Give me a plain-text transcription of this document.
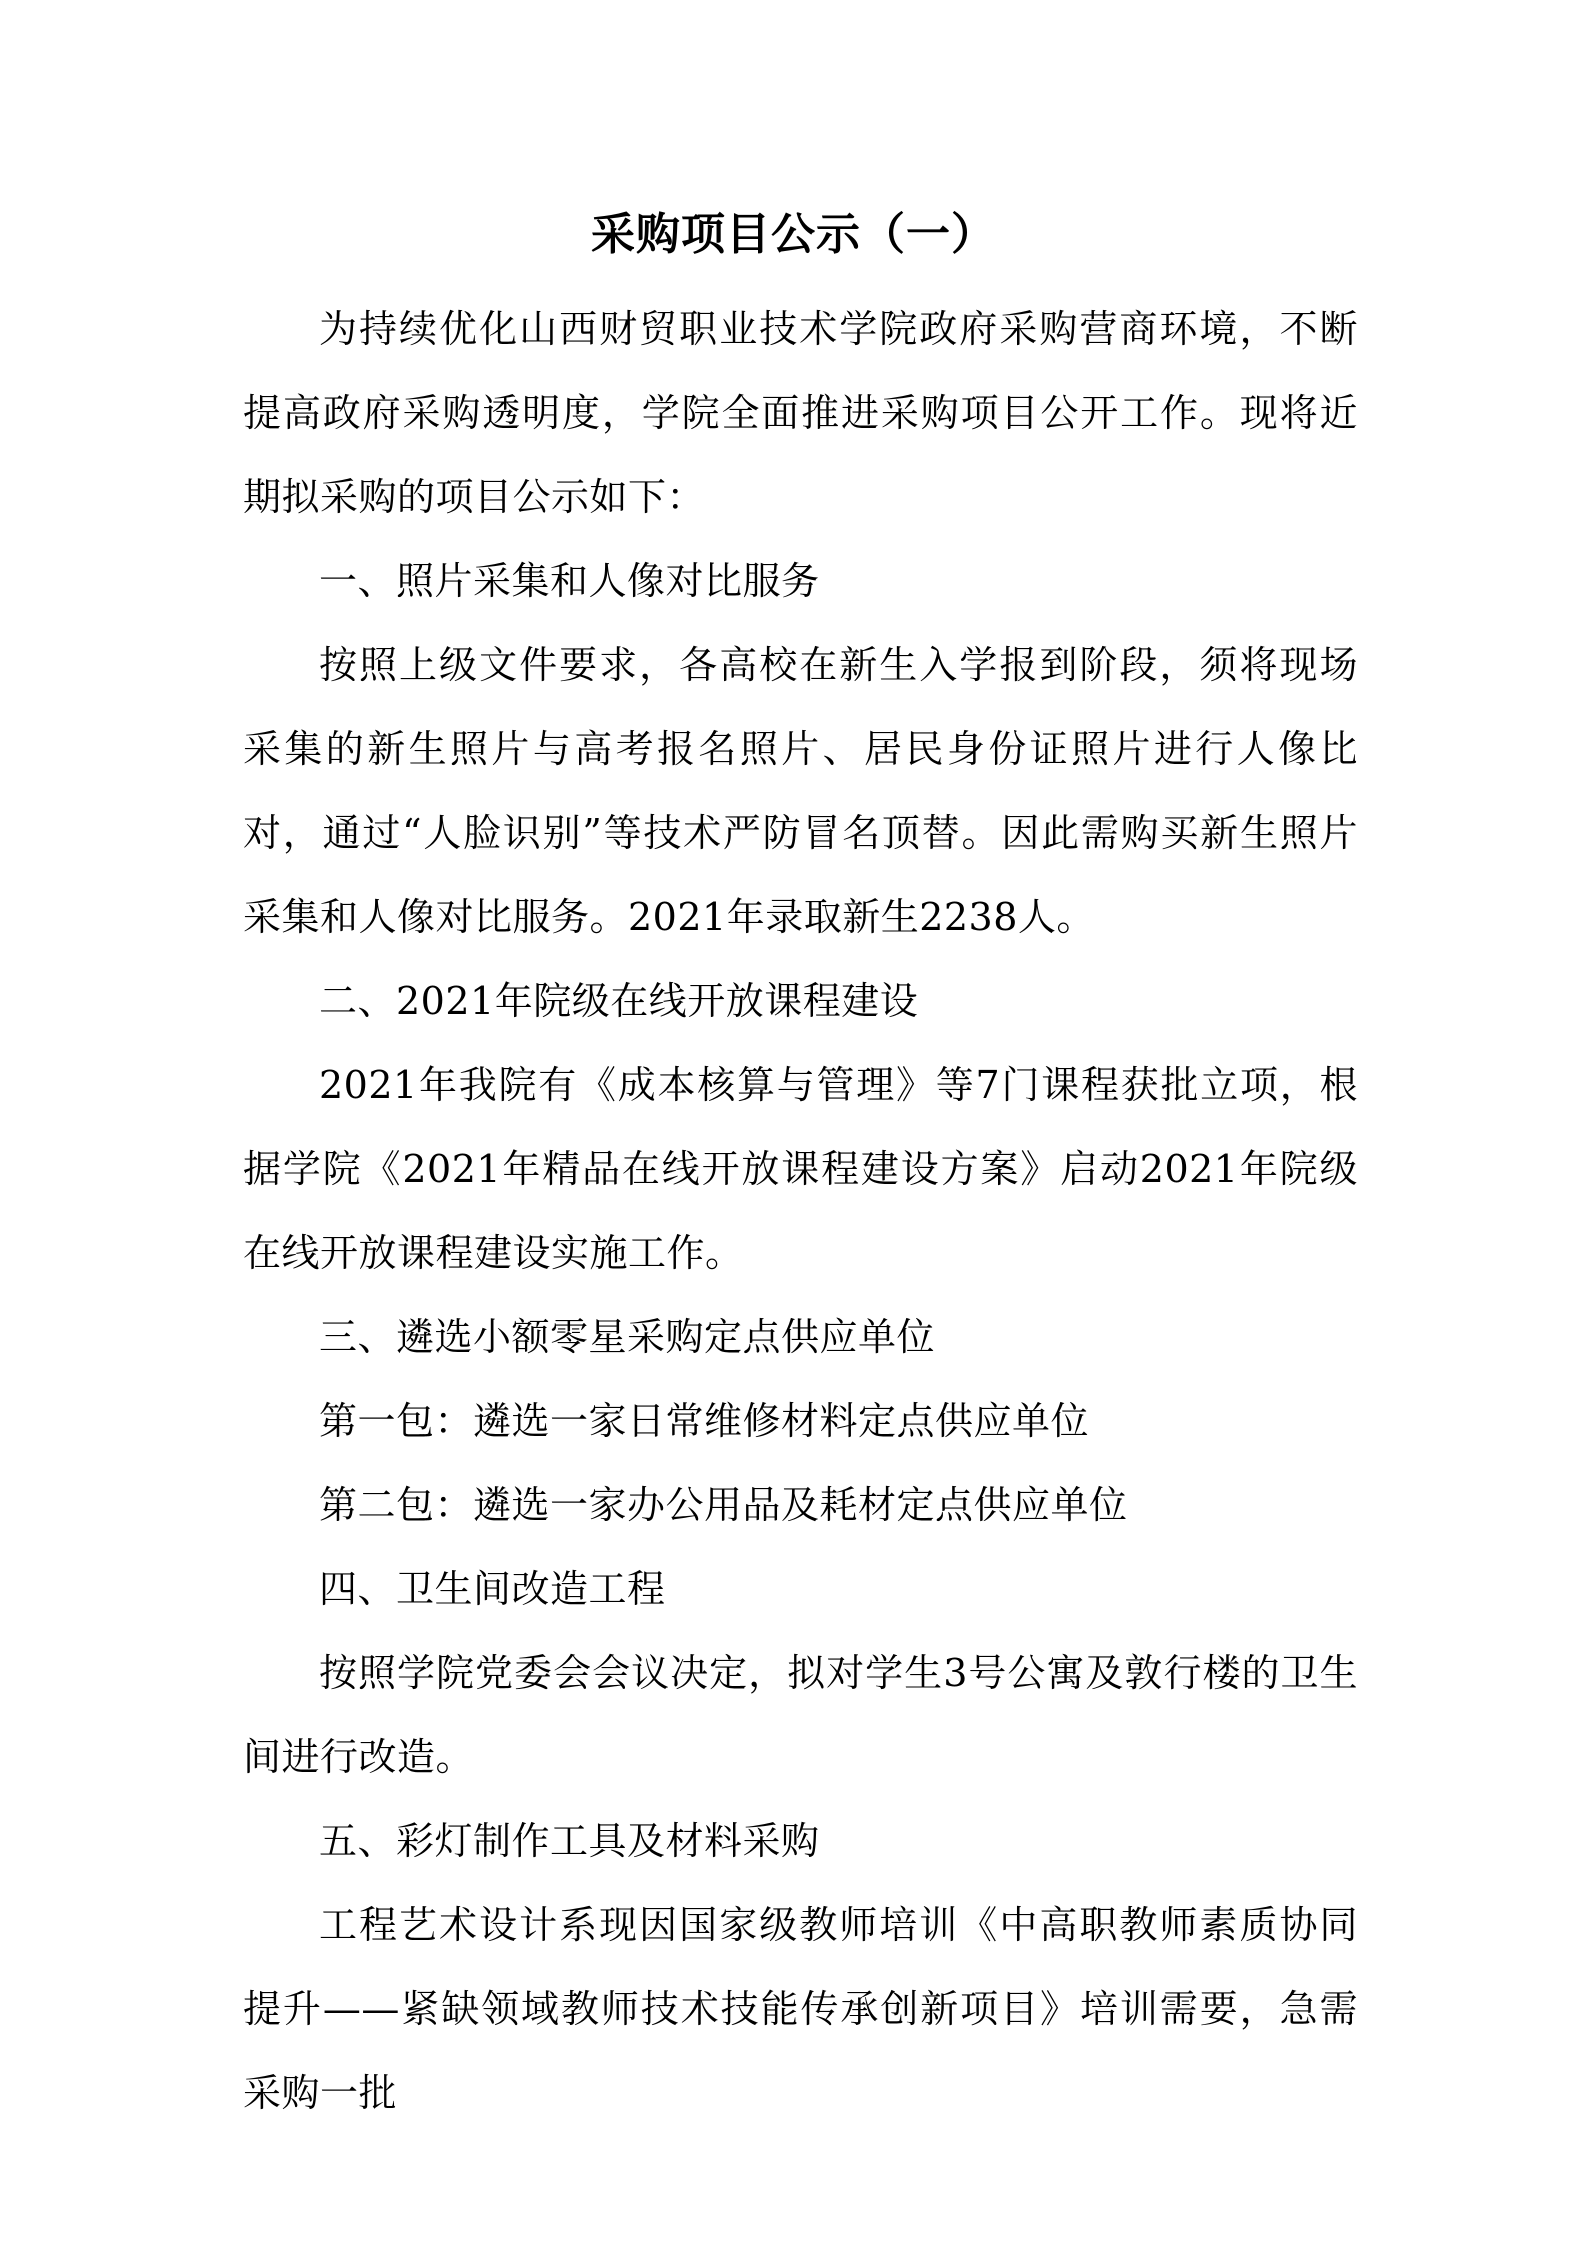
采购项目公示（一）

为持续优化山西财贸职业技术学院政府采购营商环境，不断提高政府采购透明度，学院全面推进采购项目公开工作。现将近期拟采购的项目公示如下：

一、照片采集和人像对比服务

按照上级文件要求，各高校在新生入学报到阶段，须将现场采集的新生照片与高考报名照片、居民身份证照片进行人像比对，通过“人脸识别”等技术严防冒名顶替。因此需购买新生照片采集和人像对比服务。2021年录取新生2238人。

二、2021年院级在线开放课程建设

2021年我院有《成本核算与管理》等7门课程获批立项，根据学院《2021年精品在线开放课程建设方案》启动2021年院级在线开放课程建设实施工作。

三、遴选小额零星采购定点供应单位

第一包：遴选一家日常维修材料定点供应单位

第二包：遴选一家办公用品及耗材定点供应单位

四、卫生间改造工程

按照学院党委会会议决定，拟对学生3号公寓及敦行楼的卫生间进行改造。

五、彩灯制作工具及材料采购

工程艺术设计系现因国家级教师培训《中高职教师素质协同提升——紧缺领域教师技术技能传承创新项目》培训需要，急需采购一批
